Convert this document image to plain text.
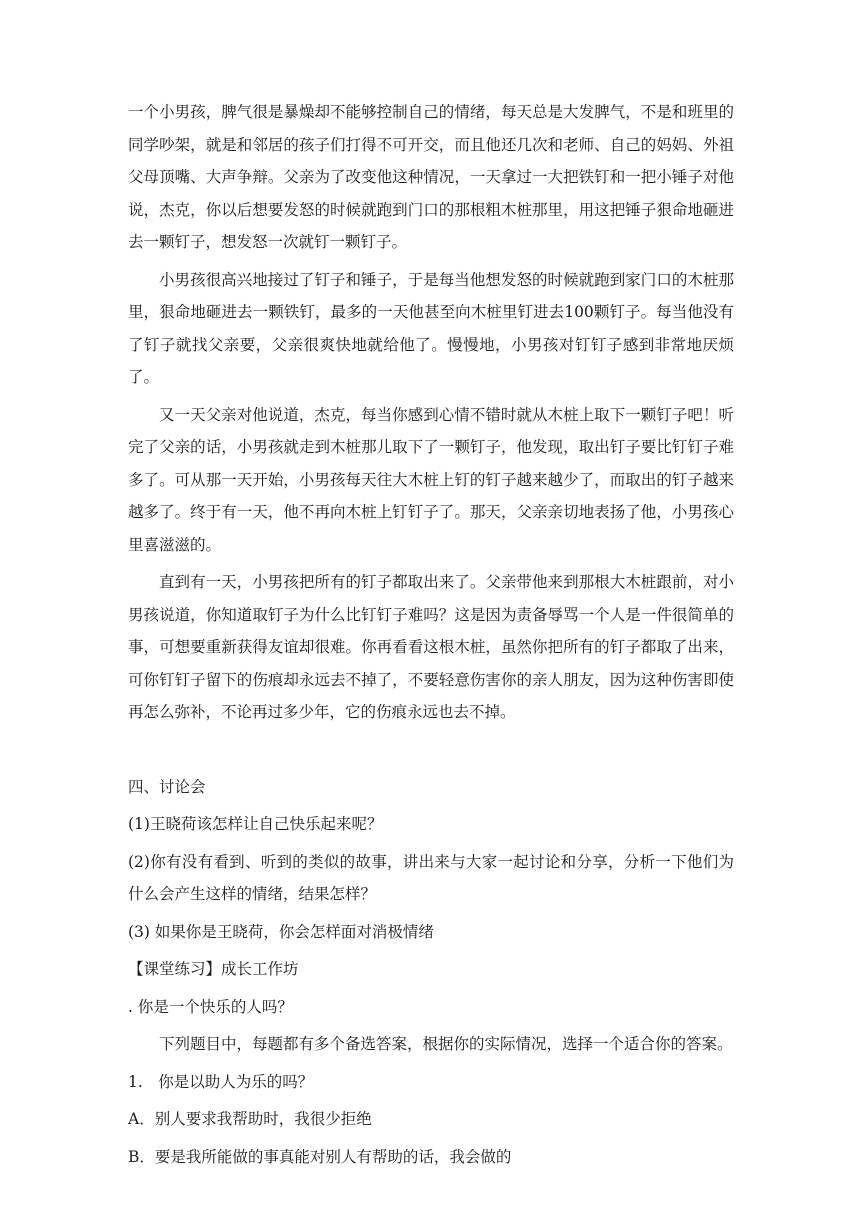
一个小男孩，脾气很是暴燥却不能够控制自己的情绪，每天总是大发脾气，不是和班里的同学吵架，就是和邻居的孩子们打得不可开交，而且他还几次和老师、自己的妈妈、外祖父母顶嘴、大声争辩。父亲为了改变他这种情况，一天拿过一大把铁钉和一把小锤子对他说，杰克，你以后想要发怒的时候就跑到门口的那根粗木桩那里，用这把锤子狠命地砸进去一颗钉子，想发怒一次就钉一颗钉子。

小男孩很高兴地接过了钉子和锤子，于是每当他想发怒的时候就跑到家门口的木桩那里，狠命地砸进去一颗铁钉，最多的一天他甚至向木桩里钉进去100颗钉子。每当他没有了钉子就找父亲要，父亲很爽快地就给他了。慢慢地，小男孩对钉钉子感到非常地厌烦了。

又一天父亲对他说道，杰克，每当你感到心情不错时就从木桩上取下一颗钉子吧！听完了父亲的话，小男孩就走到木桩那儿取下了一颗钉子，他发现，取出钉子要比钉钉子难多了。可从那一天开始，小男孩每天往大木桩上钉的钉子越来越少了，而取出的钉子越来越多了。终于有一天，他不再向木桩上钉钉子了。那天，父亲亲切地表扬了他，小男孩心里喜滋滋的。

直到有一天，小男孩把所有的钉子都取出来了。父亲带他来到那根大木桩跟前，对小男孩说道，你知道取钉子为什么比钉钉子难吗？这是因为责备辱骂一个人是一件很简单的事，可想要重新获得友谊却很难。你再看看这根木桩，虽然你把所有的钉子都取了出来，可你钉钉子留下的伤痕却永远去不掉了，不要轻意伤害你的亲人朋友，因为这种伤害即使再怎么弥补，不论再过多少年，它的伤痕永远也去不掉。

四、讨论会

(1)王晓荷该怎样让自己快乐起来呢？

(2)你有没有看到、听到的类似的故事，讲出来与大家一起讨论和分享，分析一下他们为什么会产生这样的情绪，结果怎样？

(3) 如果你是王晓荷，你会怎样面对消极情绪

【课堂练习】成长工作坊

. 你是一个快乐的人吗？

下列题目中，每题都有多个备选答案，根据你的实际情况，选择一个适合你的答案。

1.　你是以助人为乐的吗？

A．别人要求我帮助时，我很少拒绝

B．要是我所能做的事真能对别人有帮助的话，我会做的
